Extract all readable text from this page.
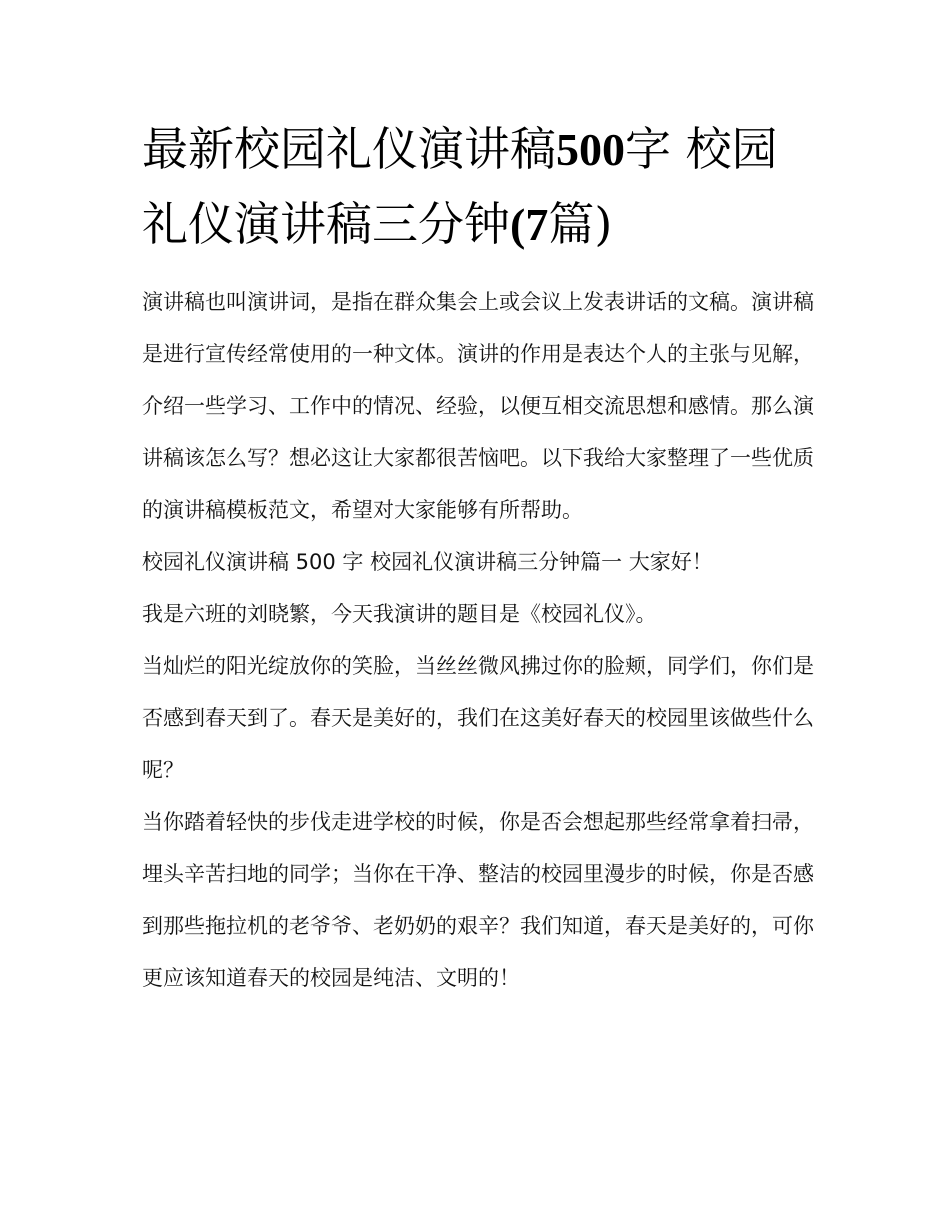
最新校园礼仪演讲稿500字 校园礼仪演讲稿三分钟(7篇)

演讲稿也叫演讲词，是指在群众集会上或会议上发表讲话的文稿。演讲稿是进行宣传经常使用的一种文体。演讲的作用是表达个人的主张与见解，介绍一些学习、工作中的情况、经验，以便互相交流思想和感情。那么演讲稿该怎么写？想必这让大家都很苦恼吧。以下我给大家整理了一些优质的演讲稿模板范文，希望对大家能够有所帮助。

校园礼仪演讲稿 500 字 校园礼仪演讲稿三分钟篇一 大家好！

我是六班的刘晓繁，今天我演讲的题目是《校园礼仪》。

当灿烂的阳光绽放你的笑脸，当丝丝微风拂过你的脸颊，同学们，你们是否感到春天到了。春天是美好的，我们在这美好春天的校园里该做些什么呢？

当你踏着轻快的步伐走进学校的时候，你是否会想起那些经常拿着扫帚，埋头辛苦扫地的同学；当你在干净、整洁的校园里漫步的时候，你是否感到那些拖拉机的老爷爷、老奶奶的艰辛？我们知道，春天是美好的，可你更应该知道春天的校园是纯洁、文明的！
